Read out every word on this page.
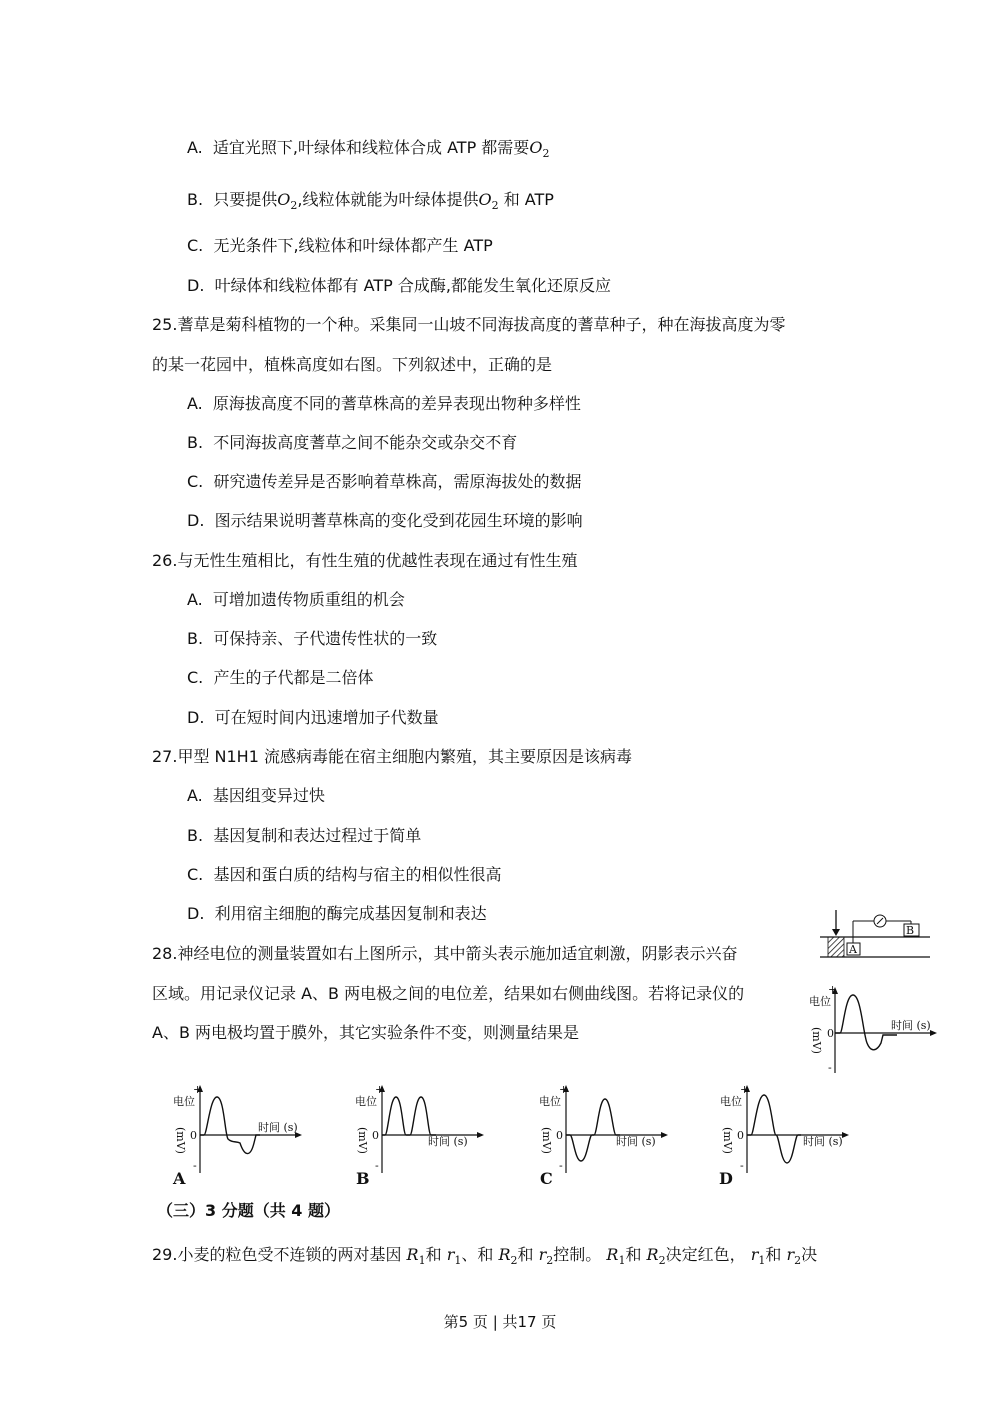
A. 适宜光照下,叶绿体和线粒体合成 ATP 都需要$O_2$
B. 只要提供$O_2$,线粒体就能为叶绿体提供$O_2$ 和 ATP
C. 无光条件下,线粒体和叶绿体都产生 ATP
D. 叶绿体和线粒体都有 ATP 合成酶,都能发生氧化还原反应
25.蓍草是菊科植物的一个种。采集同一山坡不同海拔高度的蓍草种子，种在海拔高度为零
的某一花园中，植株高度如右图。下列叙述中，正确的是
A. 原海拔高度不同的蓍草株高的差异表现出物种多样性
B. 不同海拔高度蓍草之间不能杂交或杂交不育
C. 研究遗传差异是否影响着草株高，需原海拔处的数据
D. 图示结果说明蓍草株高的变化受到花园生环境的影响
26.与无性生殖相比，有性生殖的优越性表现在通过有性生殖
A. 可增加遗传物质重组的机会
B. 可保持亲、子代遗传性状的一致
C. 产生的子代都是二倍体
D. 可在短时间内迅速增加子代数量
27.甲型 N1H1 流感病毒能在宿主细胞内繁殖，其主要原因是该病毒
A. 基因组变异过快
B. 基因复制和表达过程过于简单
C. 基因和蛋白质的结构与宿主的相似性很高
D. 利用宿主细胞的酶完成基因复制和表达
28.神经电位的测量装置如右上图所示，其中箭头表示施加适宜刺激，阴影表示兴奋
区域。用记录仪记录 A、B 两电极之间的电位差，结果如右侧曲线图。若将记录仪的
A、B 两电极均置于膜外，其它实验条件不变，则测量结果是
A
B
+
-
0
电位
(mV)
时间 (s)
+
-
0
电位
(mV)	时间 (s)
A
+
-
0
电位
(mV)	时间 (s)
B
+
-
0
电位
(mV)	时间 (s)
C
+
-
0
电位
(mV)	时间 (s)
D
（三）3 分题（共 4 题）
29.小麦的粒色受不连锁的两对基因 $R_1$和 $r_1$、和 $R_2$和 $r_2$控制。 $R_1$和 $R_2$决定红色， $r_1$和 $r_2$决
第5 页 | 共17 页
